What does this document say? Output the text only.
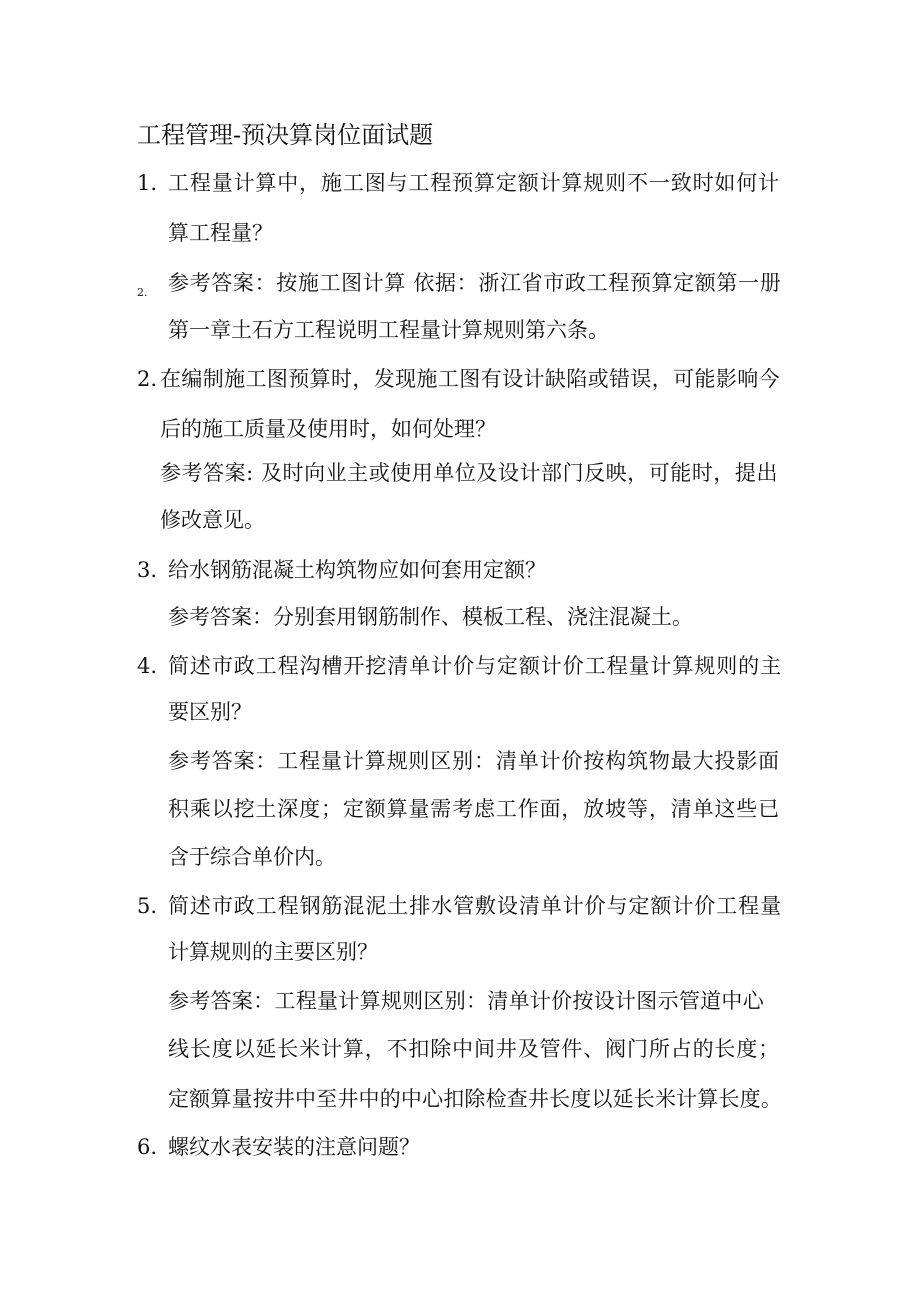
工程管理-预决算岗位面试题
1. 工程量计算中，施工图与工程预算定额计算规则不一致时如何计
算工程量？
2. 参考答案：按施工图计算 依据：浙江省市政工程预算定额第一册
第一章土石方工程说明工程量计算规则第六条。
2. 在编制施工图预算时，发现施工图有设计缺陷或错误，可能影响今
后的施工质量及使用时，如何处理？
参考答案: 及时向业主或使用单位及设计部门反映，可能时，提出
修改意见。
3. 给水钢筋混凝土构筑物应如何套用定额？
参考答案：分别套用钢筋制作、模板工程、浇注混凝土。
4. 简述市政工程沟槽开挖清单计价与定额计价工程量计算规则的主
要区别？
参考答案：工程量计算规则区别：清单计价按构筑物最大投影面
积乘以挖土深度；定额算量需考虑工作面，放坡等，清单这些已
含于综合单价内。
5. 简述市政工程钢筋混泥土排水管敷设清单计价与定额计价工程量
计算规则的主要区别？
参考答案：工程量计算规则区别：清单计价按设计图示管道中心
线长度以延长米计算，不扣除中间井及管件、阀门所占的长度；
定额算量按井中至井中的中心扣除检查井长度以延长米计算长度。
6. 螺纹水表安装的注意问题？
